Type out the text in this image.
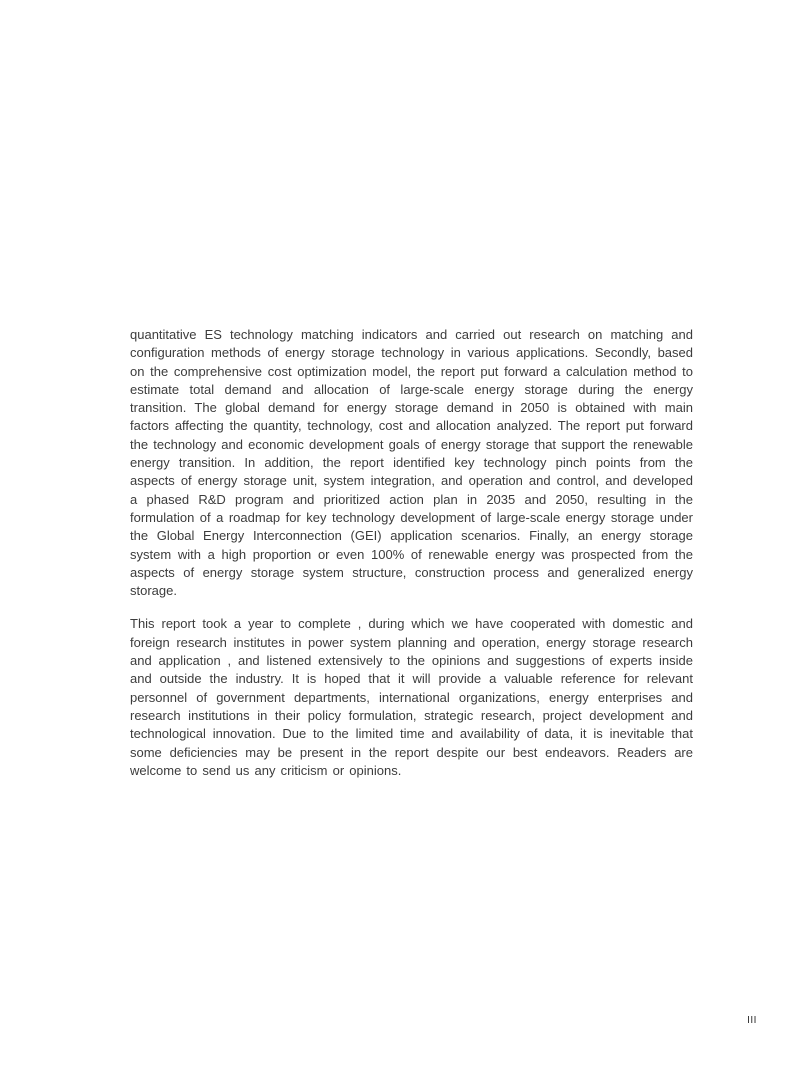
quantitative ES technology matching indicators and carried out research on matching and configuration methods of energy storage technology in various applications. Secondly, based on the comprehensive cost optimization model, the report put forward a calculation method to estimate total demand and allocation of large-scale energy storage during the energy transition. The global demand for energy storage demand in 2050 is obtained with main factors affecting the quantity, technology, cost and allocation analyzed. The report put forward the technology and economic development goals of energy storage that support the renewable energy transition. In addition, the report identified key technology pinch points from the aspects of energy storage unit, system integration, and operation and control, and developed a phased R&D program and prioritized action plan in 2035 and 2050, resulting in the formulation of a roadmap for key technology development of large-scale energy storage under the Global Energy Interconnection (GEI) application scenarios. Finally, an energy storage system with a high proportion or even 100% of renewable energy was prospected from the aspects of energy storage system structure, construction process and generalized energy storage.

This report took a year to complete , during which we have cooperated with domestic and foreign research institutes in power system planning and operation, energy storage research and application , and listened extensively to the opinions and suggestions of experts inside and outside the industry. It is hoped that it will provide a valuable reference for relevant personnel of government departments, international organizations, energy enterprises and research institutions in their policy formulation, strategic research, project development and technological innovation. Due to the limited time and availability of data, it is inevitable that some deficiencies may be present in the report despite our best endeavors. Readers are welcome to send us any criticism or opinions.

III
